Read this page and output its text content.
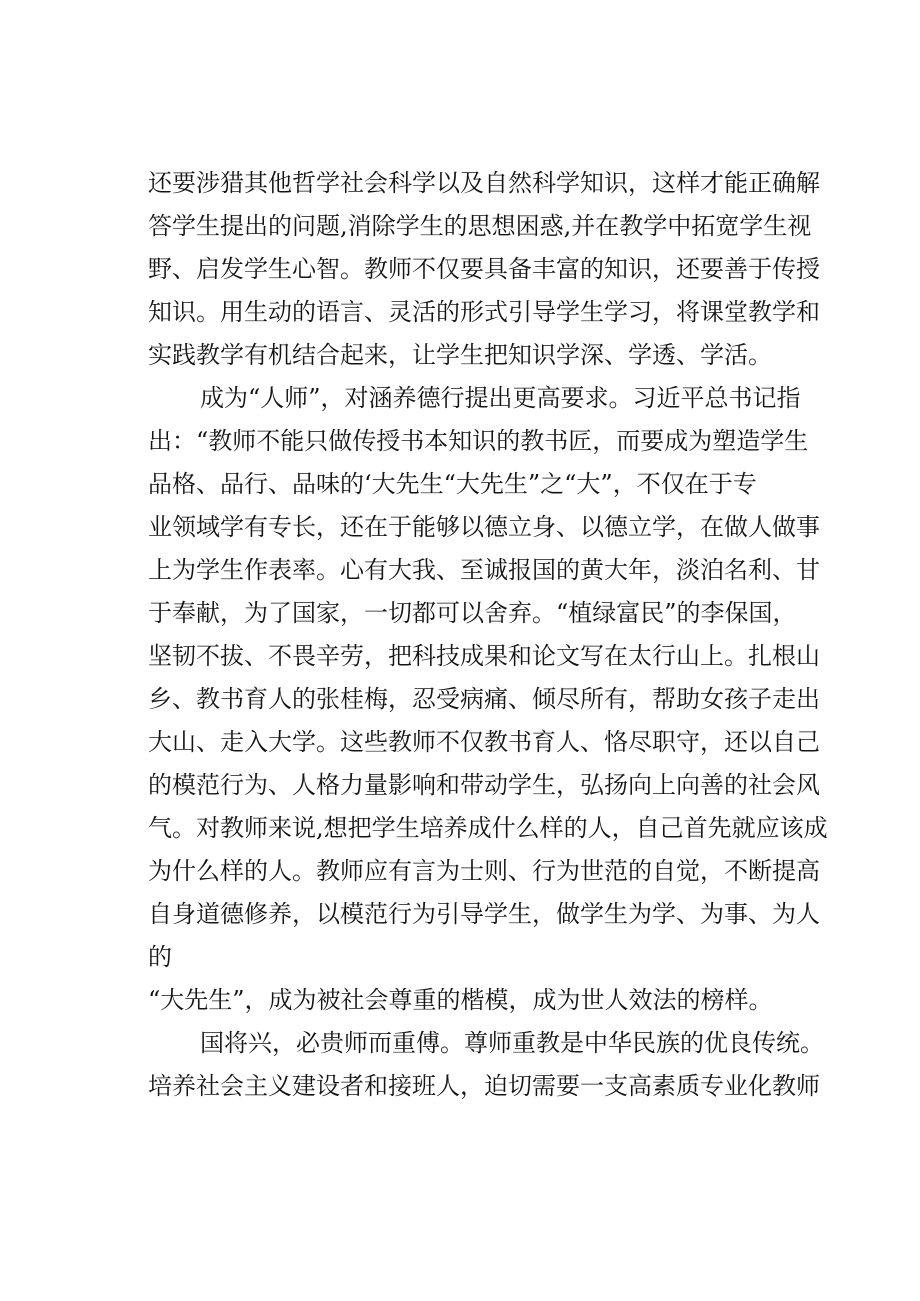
还要涉猎其他哲学社会科学以及自然科学知识，这样才能正确解
答学生提出的问题,消除学生的思想困惑,并在教学中拓宽学生视
野、启发学生心智。教师不仅要具备丰富的知识，还要善于传授
知识。用生动的语言、灵活的形式引导学生学习，将课堂教学和
实践教学有机结合起来，让学生把知识学深、学透、学活。
成为“人师”，对涵养德行提出更高要求。习近平总书记指
出：“教师不能只做传授书本知识的教书匠，而要成为塑造学生
品格、品行、品味的‘大先生“大先生”之“大”，不仅在于专
业领域学有专长，还在于能够以德立身、以德立学，在做人做事
上为学生作表率。心有大我、至诚报国的黄大年，淡泊名利、甘
于奉献，为了国家，一切都可以舍弃。“植绿富民”的李保国，
坚韧不拔、不畏辛劳，把科技成果和论文写在太行山上。扎根山
乡、教书育人的张桂梅，忍受病痛、倾尽所有，帮助女孩子走出
大山、走入大学。这些教师不仅教书育人、恪尽职守，还以自己
的模范行为、人格力量影响和带动学生，弘扬向上向善的社会风
气。对教师来说,想把学生培养成什么样的人，自己首先就应该成
为什么样的人。教师应有言为士则、行为世范的自觉，不断提高
自身道德修养，以模范行为引导学生，做学生为学、为事、为人
的
“大先生”，成为被社会尊重的楷模，成为世人效法的榜样。
国将兴，必贵师而重傅。尊师重教是中华民族的优良传统。
培养社会主义建设者和接班人，迫切需要一支高素质专业化教师
